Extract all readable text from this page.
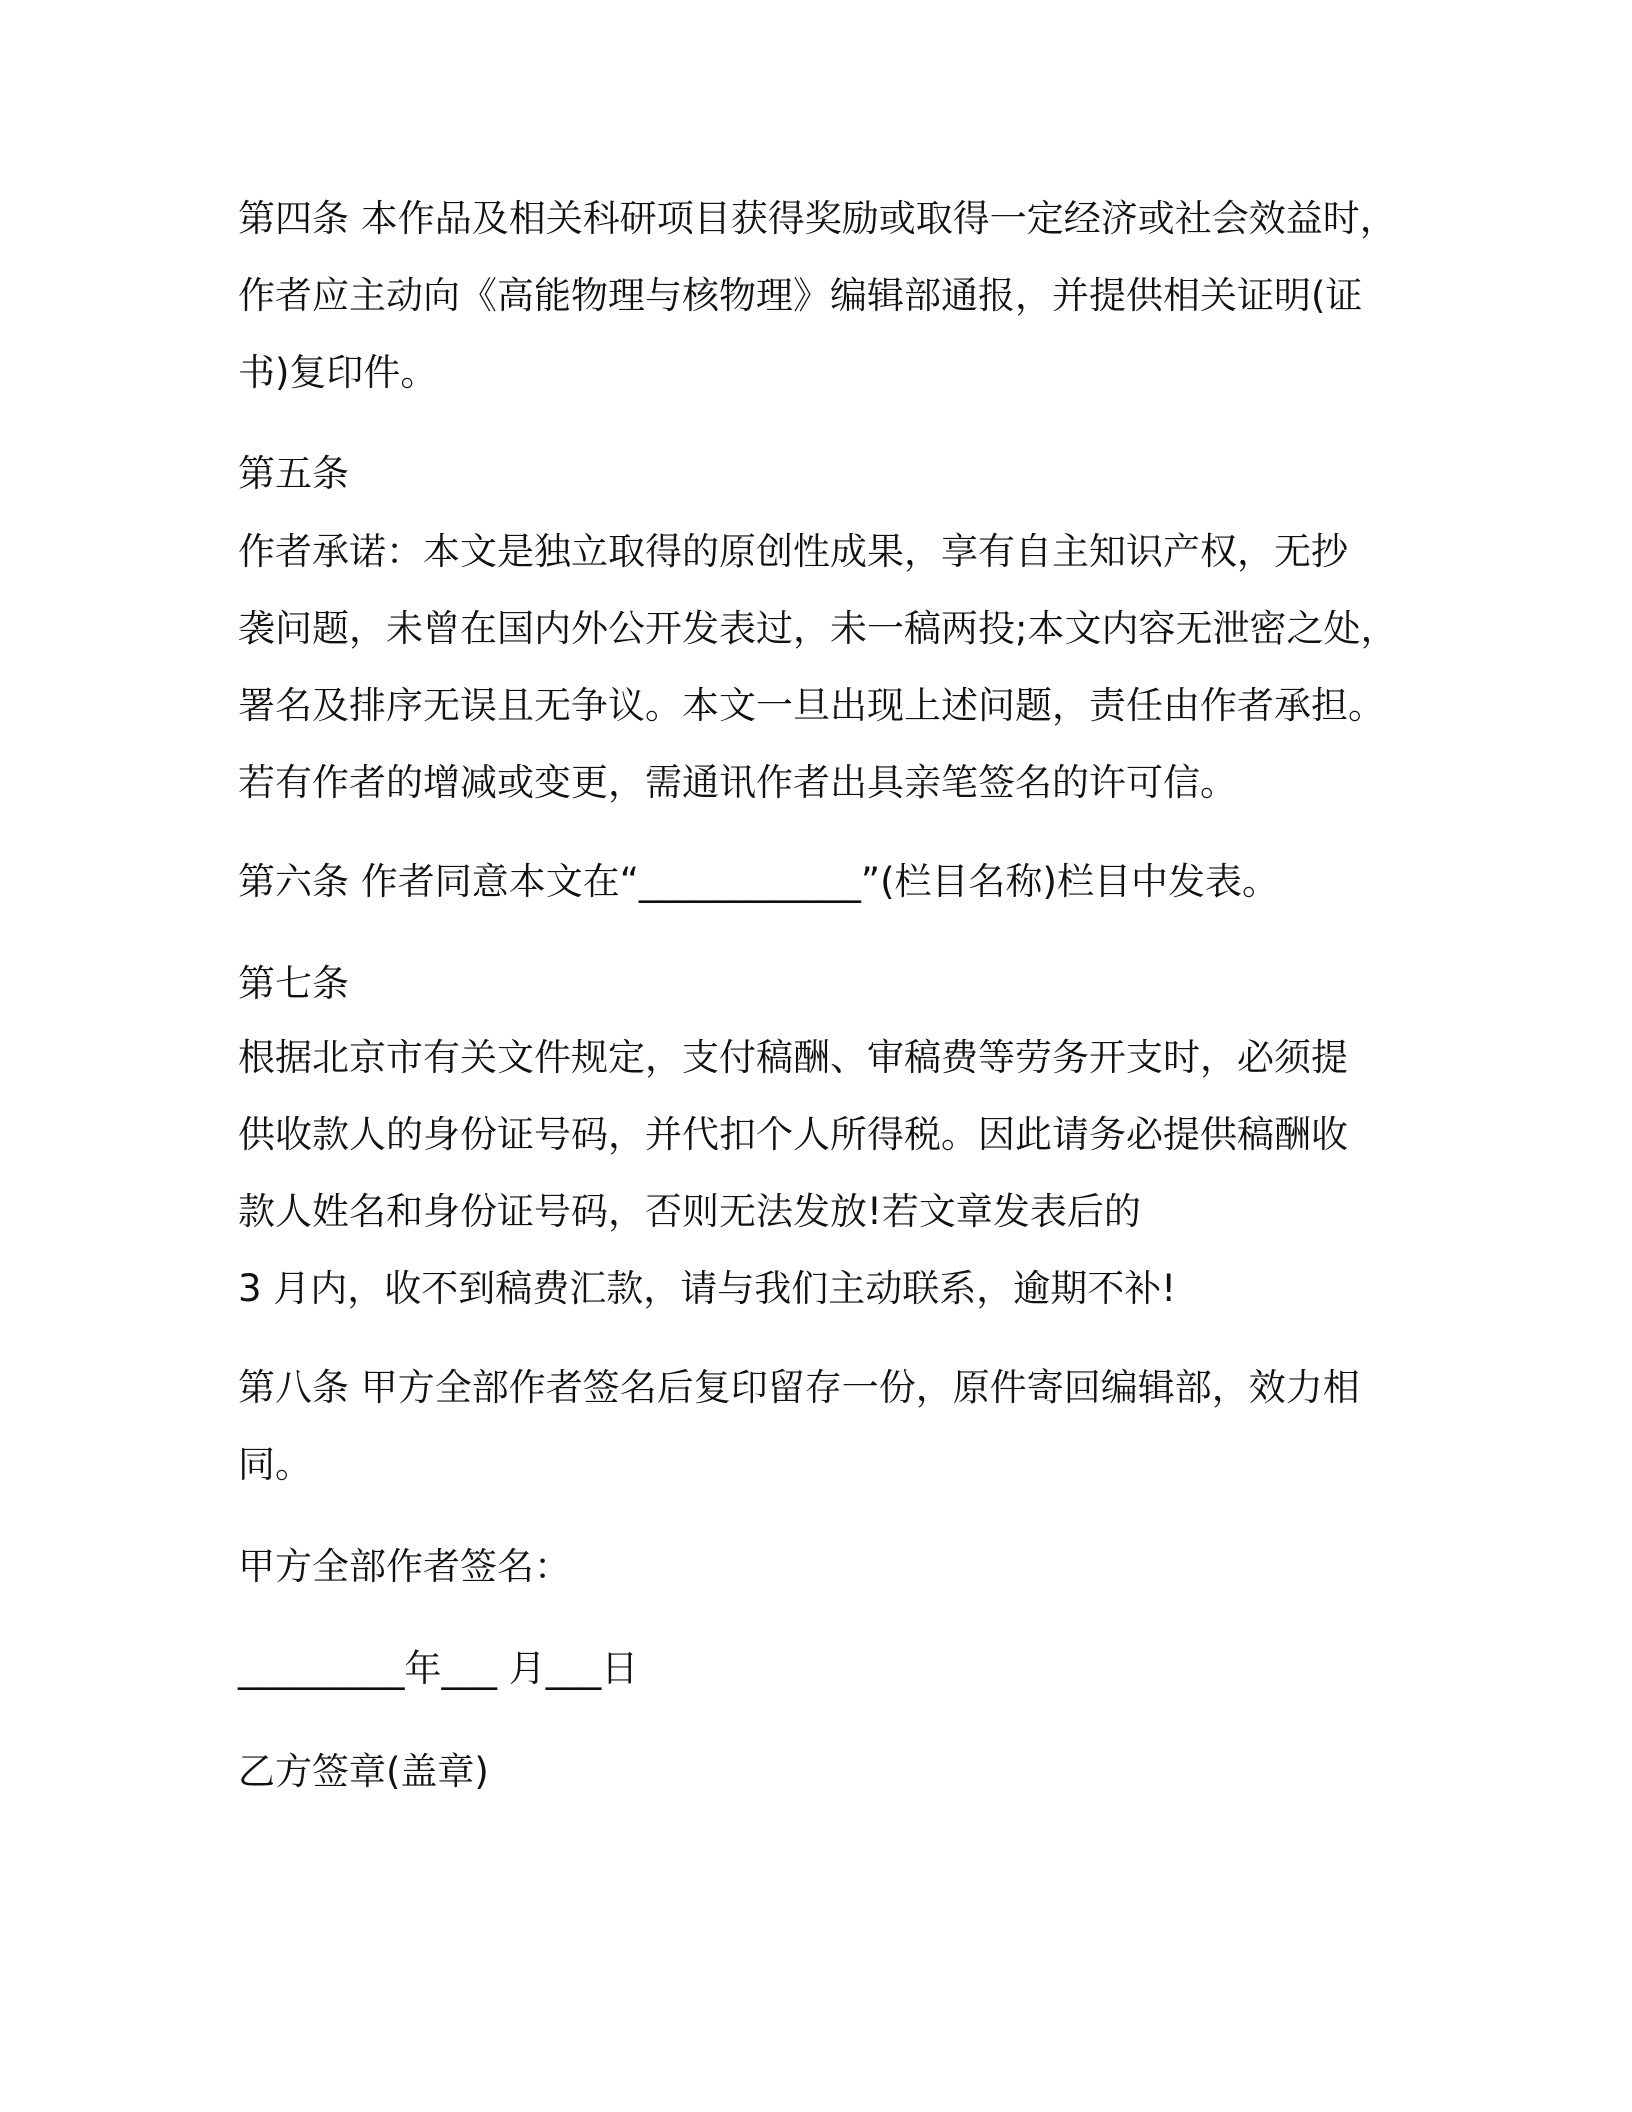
第四条 本作品及相关科研项目获得奖励或取得一定经济或社会效益时，
作者应主动向《高能物理与核物理》编辑部通报，并提供相关证明(证
书)复印件。

第五条

作者承诺：本文是独立取得的原创性成果，享有自主知识产权，无抄
袭问题，未曾在国内外公开发表过，未一稿两投;本文内容无泄密之处，
署名及排序无误且无争议。本文一旦出现上述问题，责任由作者承担。
若有作者的增减或变更，需通讯作者出具亲笔签名的许可信。

第六条 作者同意本文在“____________”(栏目名称)栏目中发表。

第七条

根据北京市有关文件规定，支付稿酬、审稿费等劳务开支时，必须提
供收款人的身份证号码，并代扣个人所得税。因此请务必提供稿酬收
款人姓名和身份证号码，否则无法发放!若文章发表后的
3 月内，收不到稿费汇款，请与我们主动联系，逾期不补!

第八条 甲方全部作者签名后复印留存一份，原件寄回编辑部，效力相
同。

甲方全部作者签名：

_________年___ 月___日

乙方签章(盖章)
